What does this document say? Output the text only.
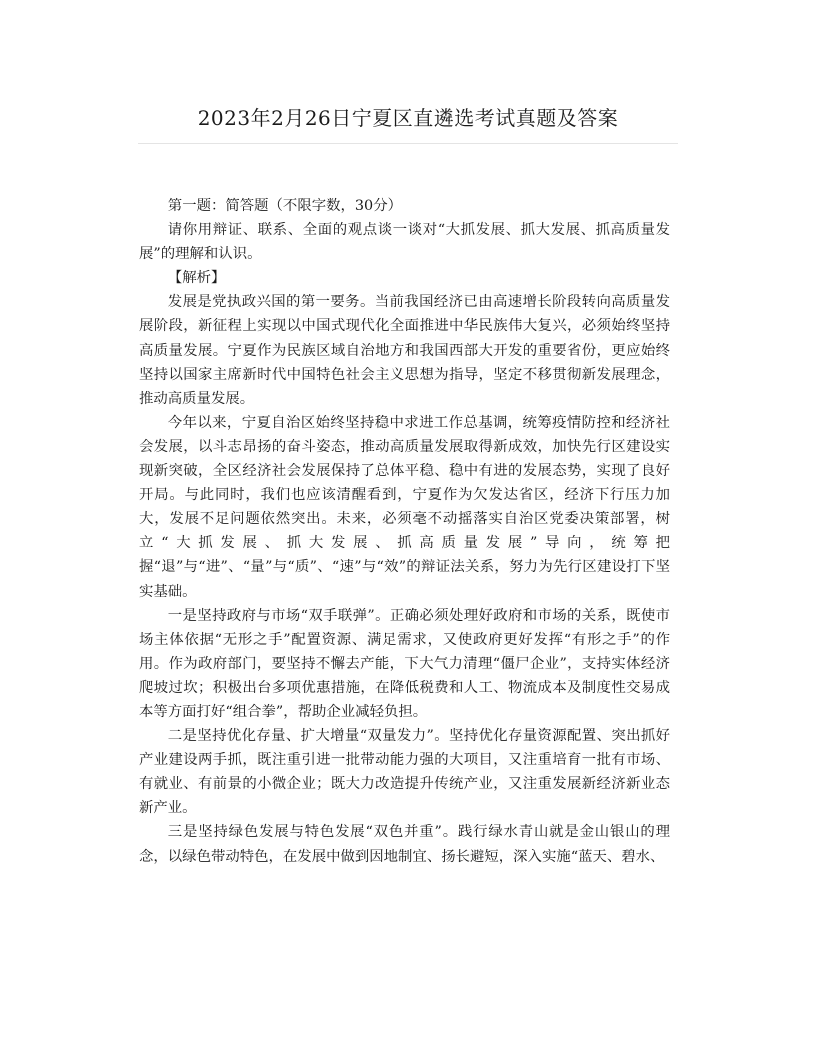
2023年2月26日宁夏区直遴选考试真题及答案

第一题：简答题（不限字数，30分）

请你用辩证、联系、全面的观点谈一谈对“大抓发展、抓大发展、抓高质量发展”的理解和认识。

【解析】

发展是党执政兴国的第一要务。当前我国经济已由高速增长阶段转向高质量发展阶段，新征程上实现以中国式现代化全面推进中华民族伟大复兴，必须始终坚持高质量发展。宁夏作为民族区域自治地方和我国西部大开发的重要省份，更应始终坚持以国家主席新时代中国特色社会主义思想为指导，坚定不移贯彻新发展理念，推动高质量发展。

今年以来，宁夏自治区始终坚持稳中求进工作总基调，统筹疫情防控和经济社会发展，以斗志昂扬的奋斗姿态，推动高质量发展取得新成效，加快先行区建设实现新突破，全区经济社会发展保持了总体平稳、稳中有进的发展态势，实现了良好开局。与此同时，我们也应该清醒看到，宁夏作为欠发达省区，经济下行压力加大，发展不足问题依然突出。未来，必须毫不动摇落实自治区党委决策部署，树立“大抓发展、抓大发展、抓高质量发展”导向，统筹把握“退”与“进”、“量”与“质”、“速”与“效”的辩证法关系，努力为先行区建设打下坚实基础。

一是坚持政府与市场“双手联弹”。正确必须处理好政府和市场的关系，既使市场主体依据“无形之手”配置资源、满足需求，又使政府更好发挥“有形之手”的作用。作为政府部门，要坚持不懈去产能，下大气力清理“僵尸企业”，支持实体经济爬坡过坎；积极出台多项优惠措施，在降低税费和人工、物流成本及制度性交易成本等方面打好“组合拳”，帮助企业减轻负担。

二是坚持优化存量、扩大增量“双量发力”。坚持优化存量资源配置、突出抓好产业建设两手抓，既注重引进一批带动能力强的大项目，又注重培育一批有市场、有就业、有前景的小微企业；既大力改造提升传统产业，又注重发展新经济新业态新产业。

三是坚持绿色发展与特色发展“双色并重”。践行绿水青山就是金山银山的理念，以绿色带动特色，在发展中做到因地制宜、扬长避短，深入实施“蓝天、碧水、
